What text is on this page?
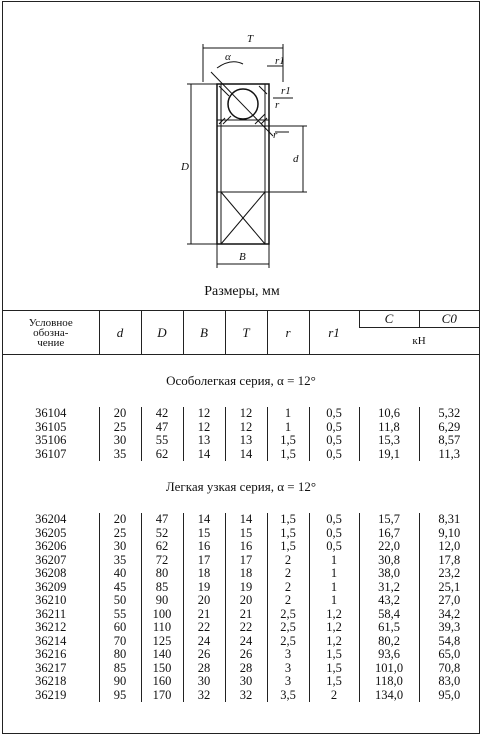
T
α	r1
r
r1
r
D
d
B
Размеры, мм
Условное
обозна-
чение	d	D	B	T	r	r1	C	C0
							кН	
Особолегкая серия, α = 12°								
36104	20	42	12	12	1	0,5	10,6	5,32
36105	25	47	12	12	1	0,5	11,8	6,29
35106	30	55	13	13	1,5	0,5	15,3	8,57
36107	35	62	14	14	1,5	0,5	19,1	11,3
Легкая узкая серия, α = 12°								
36204	20	47	14	14	1,5	0,5	15,7	8,31
36205	25	52	15	15	1,5	0,5	16,7	9,10
36206	30	62	16	16	1,5	0,5	22,0	12,0
36207	35	72	17	17	2	1	30,8	17,8
36208	40	80	18	18	2	1	38,0	23,2
36209	45	85	19	19	2	1	31,2	25,1
36210	50	90	20	20	2	1	43,2	27,0
36211	55	100	21	21	2,5	1,2	58,4	34,2
36212	60	110	22	22	2,5	1,2	61,5	39,3
36214	70	125	24	24	2,5	1,2	80,2	54,8
36216	80	140	26	26	3	1,5	93,6	65,0
36217	85	150	28	28	3	1,5	101,0	70,8
36218	90	160	30	30	3	1,5	118,0	83,0
36219	95	170	32	32	3,5	2	134,0	95,0
